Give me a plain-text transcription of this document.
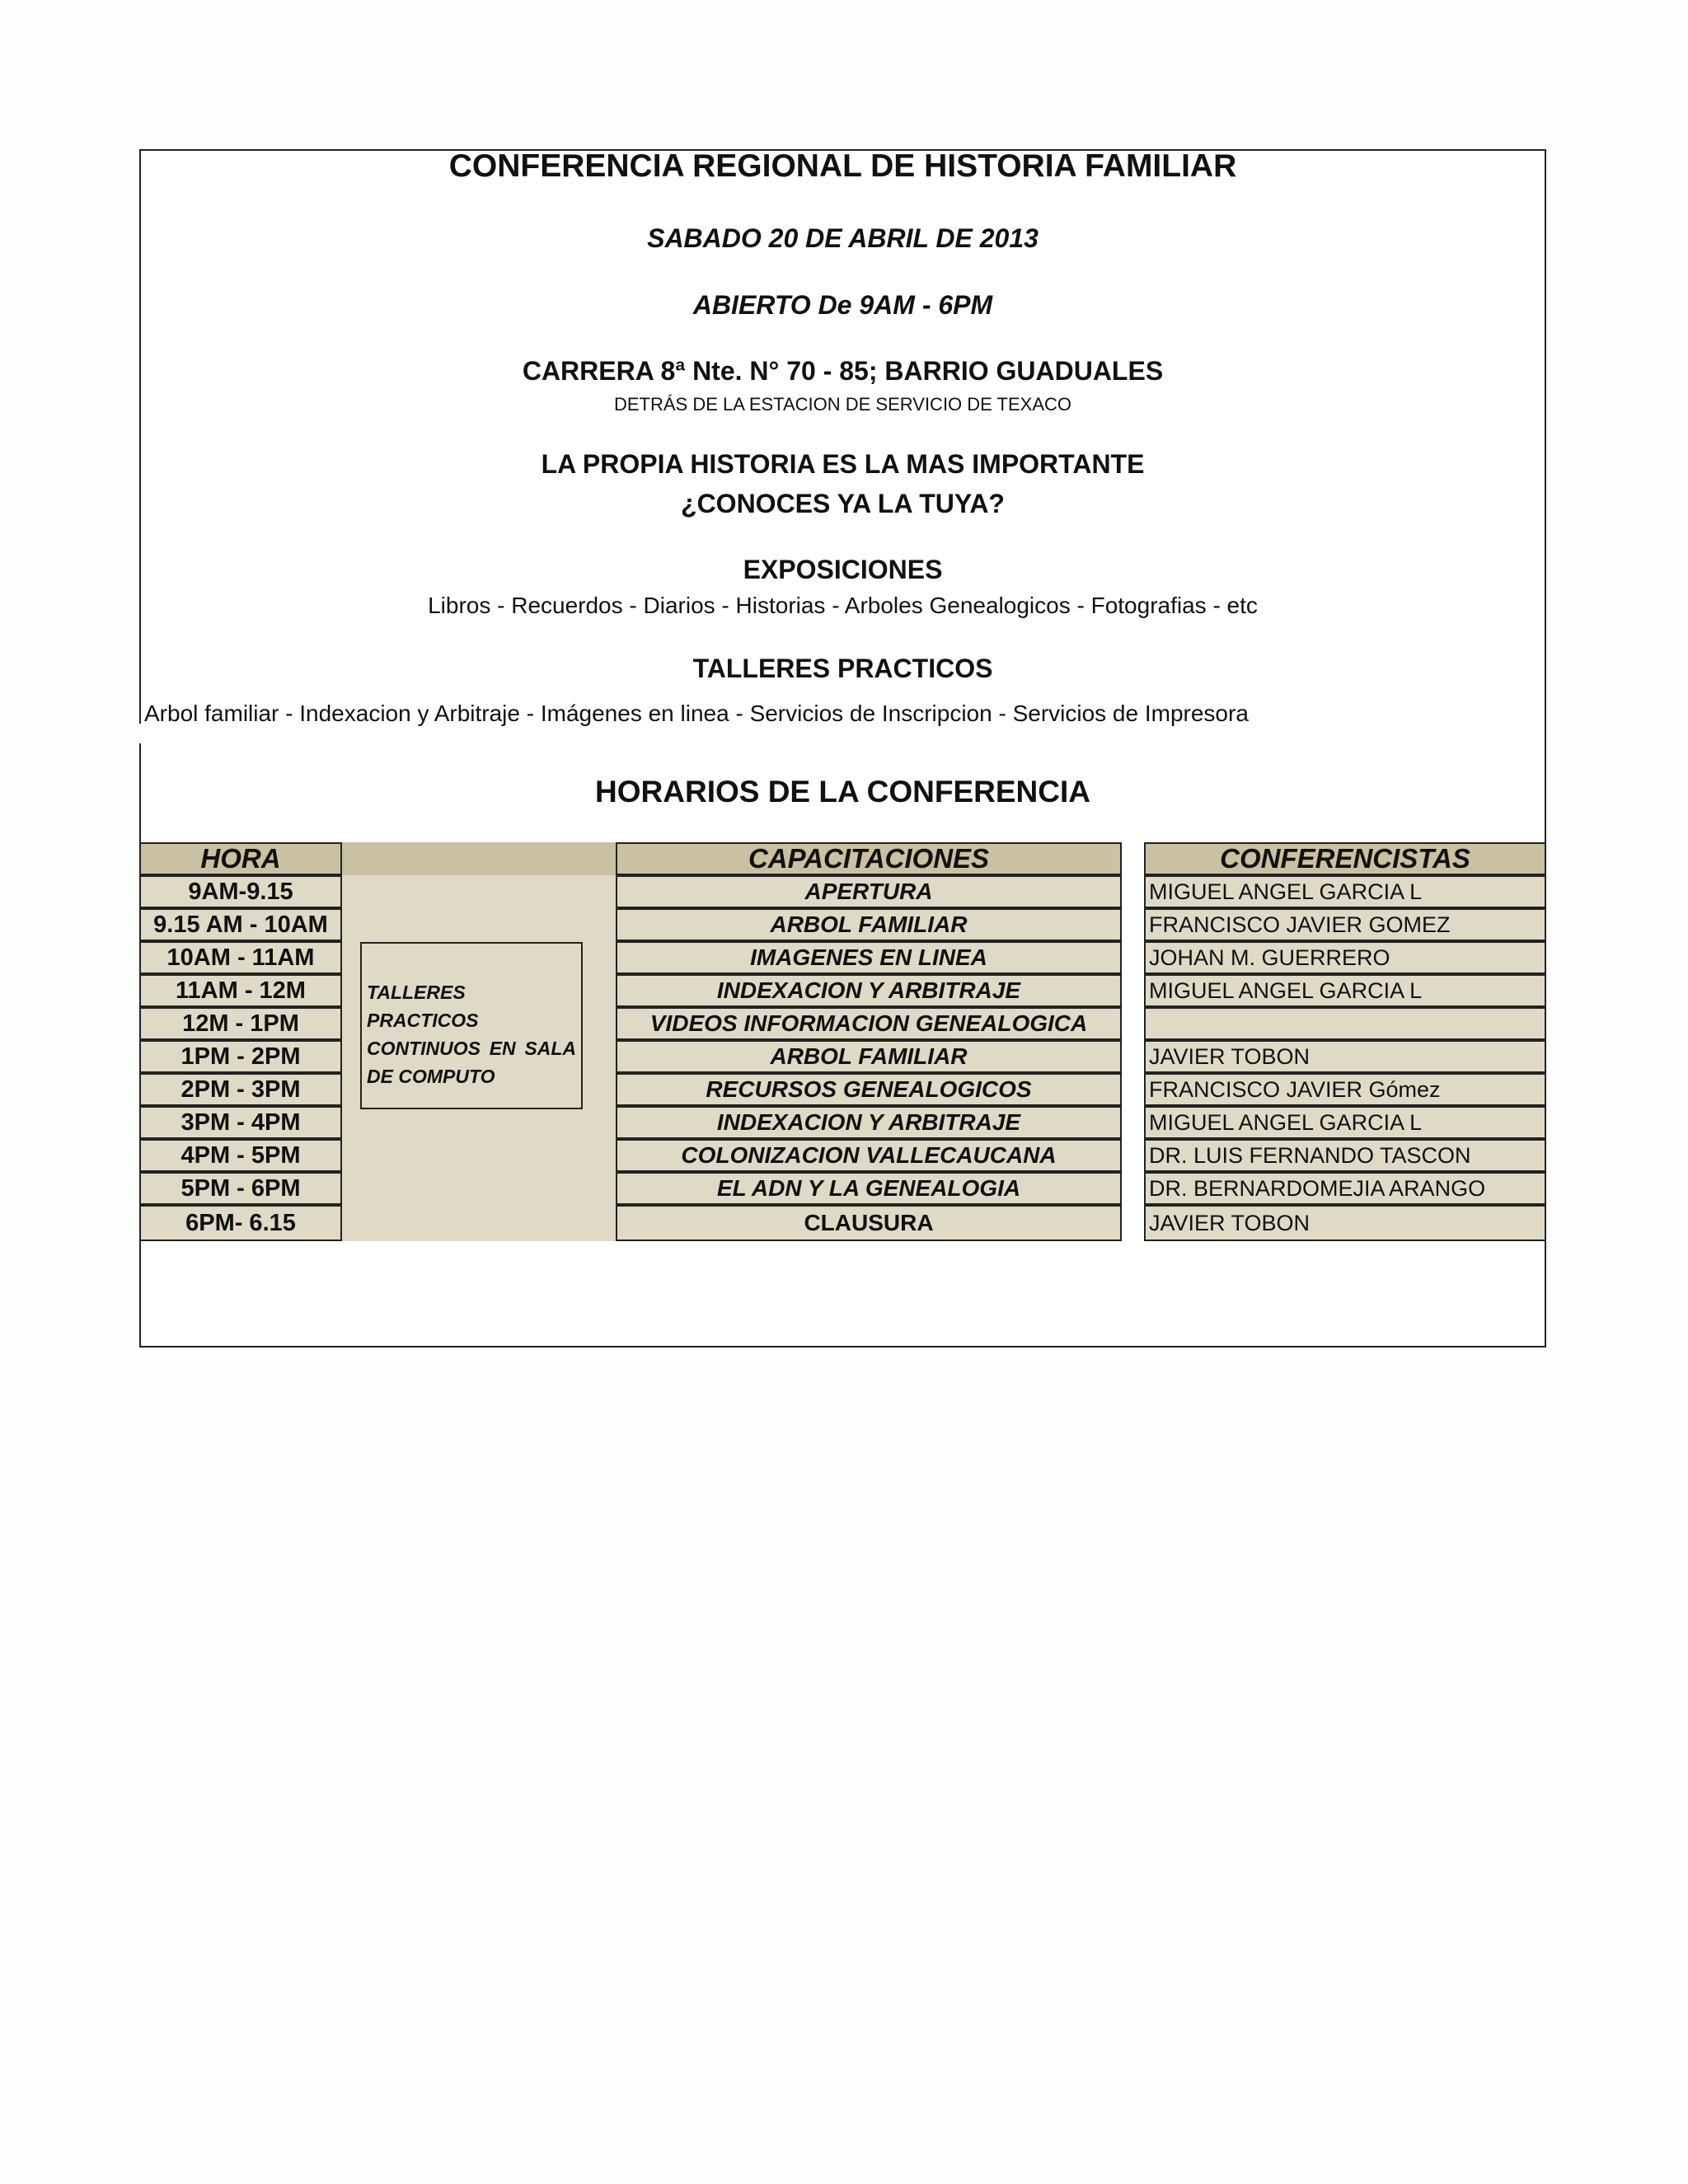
CONFERENCIA REGIONAL DE HISTORIA FAMILIAR
SABADO 20 DE ABRIL DE 2013
ABIERTO De 9AM - 6PM
CARRERA 8ª Nte. N° 70 - 85; BARRIO GUADUALES
DETRÁS DE LA ESTACION DE SERVICIO DE TEXACO
LA PROPIA HISTORIA ES LA MAS IMPORTANTE
¿CONOCES YA LA TUYA?
EXPOSICIONES
Libros - Recuerdos - Diarios - Historias - Arboles Genealogicos - Fotografias - etc
TALLERES PRACTICOS
Arbol familiar - Indexacion y Arbitraje - Imágenes en linea - Servicios de Inscripcion - Servicios de Impresora
HORARIOS DE LA CONFERENCIA
HORA	CAPACITACIONES	CONFERENCISTAS
9AM-9.15	APERTURA	MIGUEL ANGEL GARCIA L
9.15 AM - 10AM	ARBOL FAMILIAR	FRANCISCO JAVIER GOMEZ
10AM - 11AM	IMAGENES EN LINEA	JOHAN M. GUERRERO
11AM - 12M	INDEXACION Y ARBITRAJE	MIGUEL ANGEL GARCIA L
12M - 1PM	VIDEOS INFORMACION GENEALOGICA
1PM - 2PM	ARBOL FAMILIAR	JAVIER TOBON
2PM - 3PM	RECURSOS GENEALOGICOS	FRANCISCO JAVIER Gómez
3PM - 4PM	INDEXACION Y ARBITRAJE	MIGUEL ANGEL GARCIA L
4PM - 5PM	COLONIZACION VALLECAUCANA	DR. LUIS FERNANDO TASCON
5PM - 6PM	EL ADN Y LA GENEALOGIA	DR. BERNARDOMEJIA ARANGO
6PM- 6.15	CLAUSURA	JAVIER TOBON
TALLERES PRACTICOS CONTINUOS EN SALA DE COMPUTO
